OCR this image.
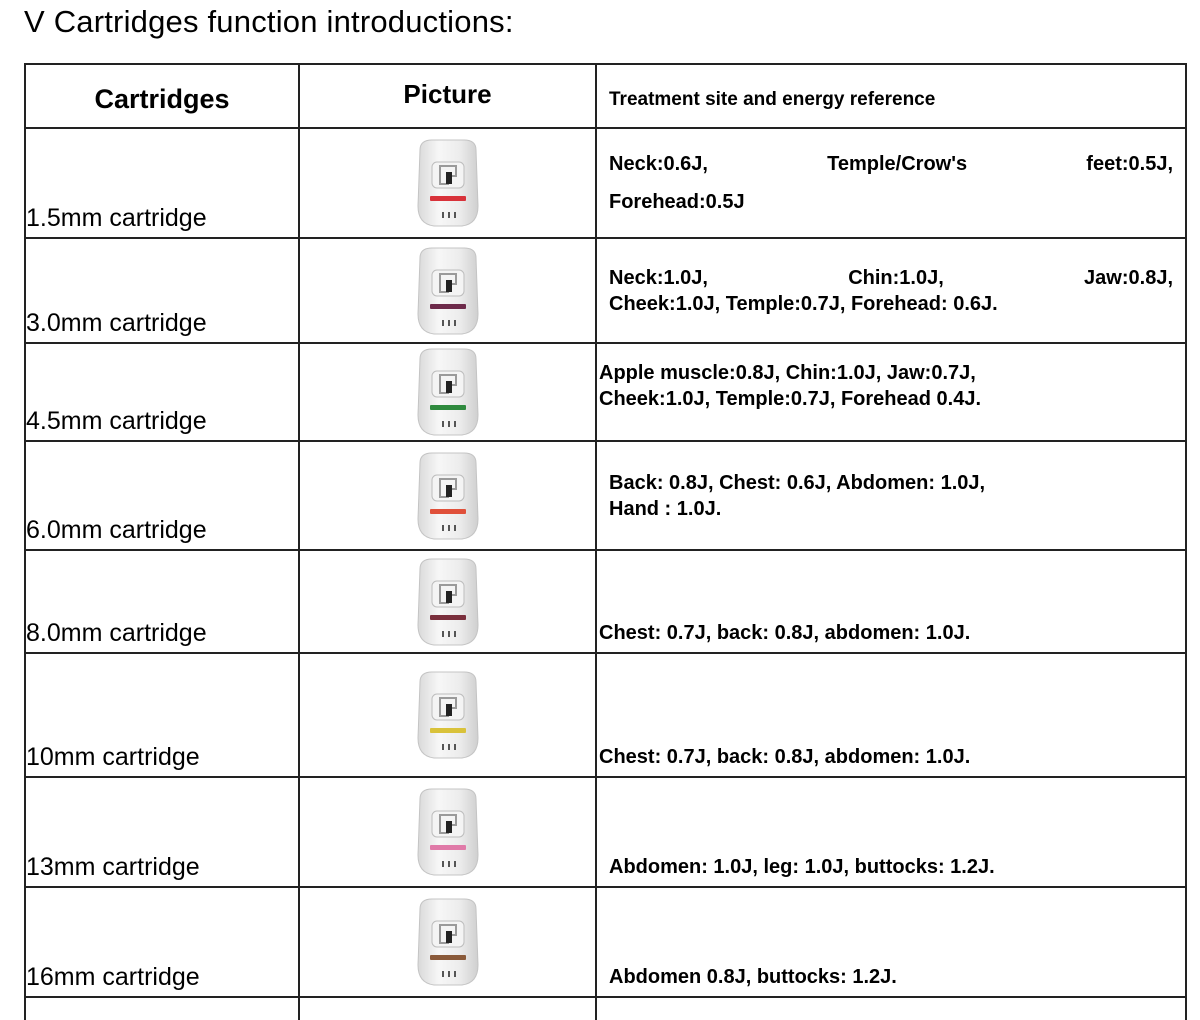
V Cartridges function introductions:
Cartridges	Picture	Treatment site and energy reference
1.5mm cartridge		Neck:0.6J, Temple/Crow's feet:0.5J,
Forehead:0.5J

3.0mm cartridge		Neck:1.0J, Chin:1.0J, Jaw:0.8J,
Cheek:1.0J, Temple:0.7J, Forehead: 0.6J.

4.5mm cartridge		Apple muscle:0.8J, Chin:1.0J, Jaw:0.7J,
Cheek:1.0J, Temple:0.7J, Forehead 0.4J.

6.0mm cartridge		Back: 0.8J, Chest: 0.6J, Abdomen: 1.0J,
Hand : 1.0J.

8.0mm cartridge		Chest: 0.7J, back: 0.8J, abdomen: 1.0J.

10mm cartridge		Chest: 0.7J, back: 0.8J, abdomen: 1.0J.

13mm cartridge		Abdomen: 1.0J, leg: 1.0J, buttocks: 1.2J.

16mm cartridge		Abdomen 0.8J, buttocks: 1.2J.
